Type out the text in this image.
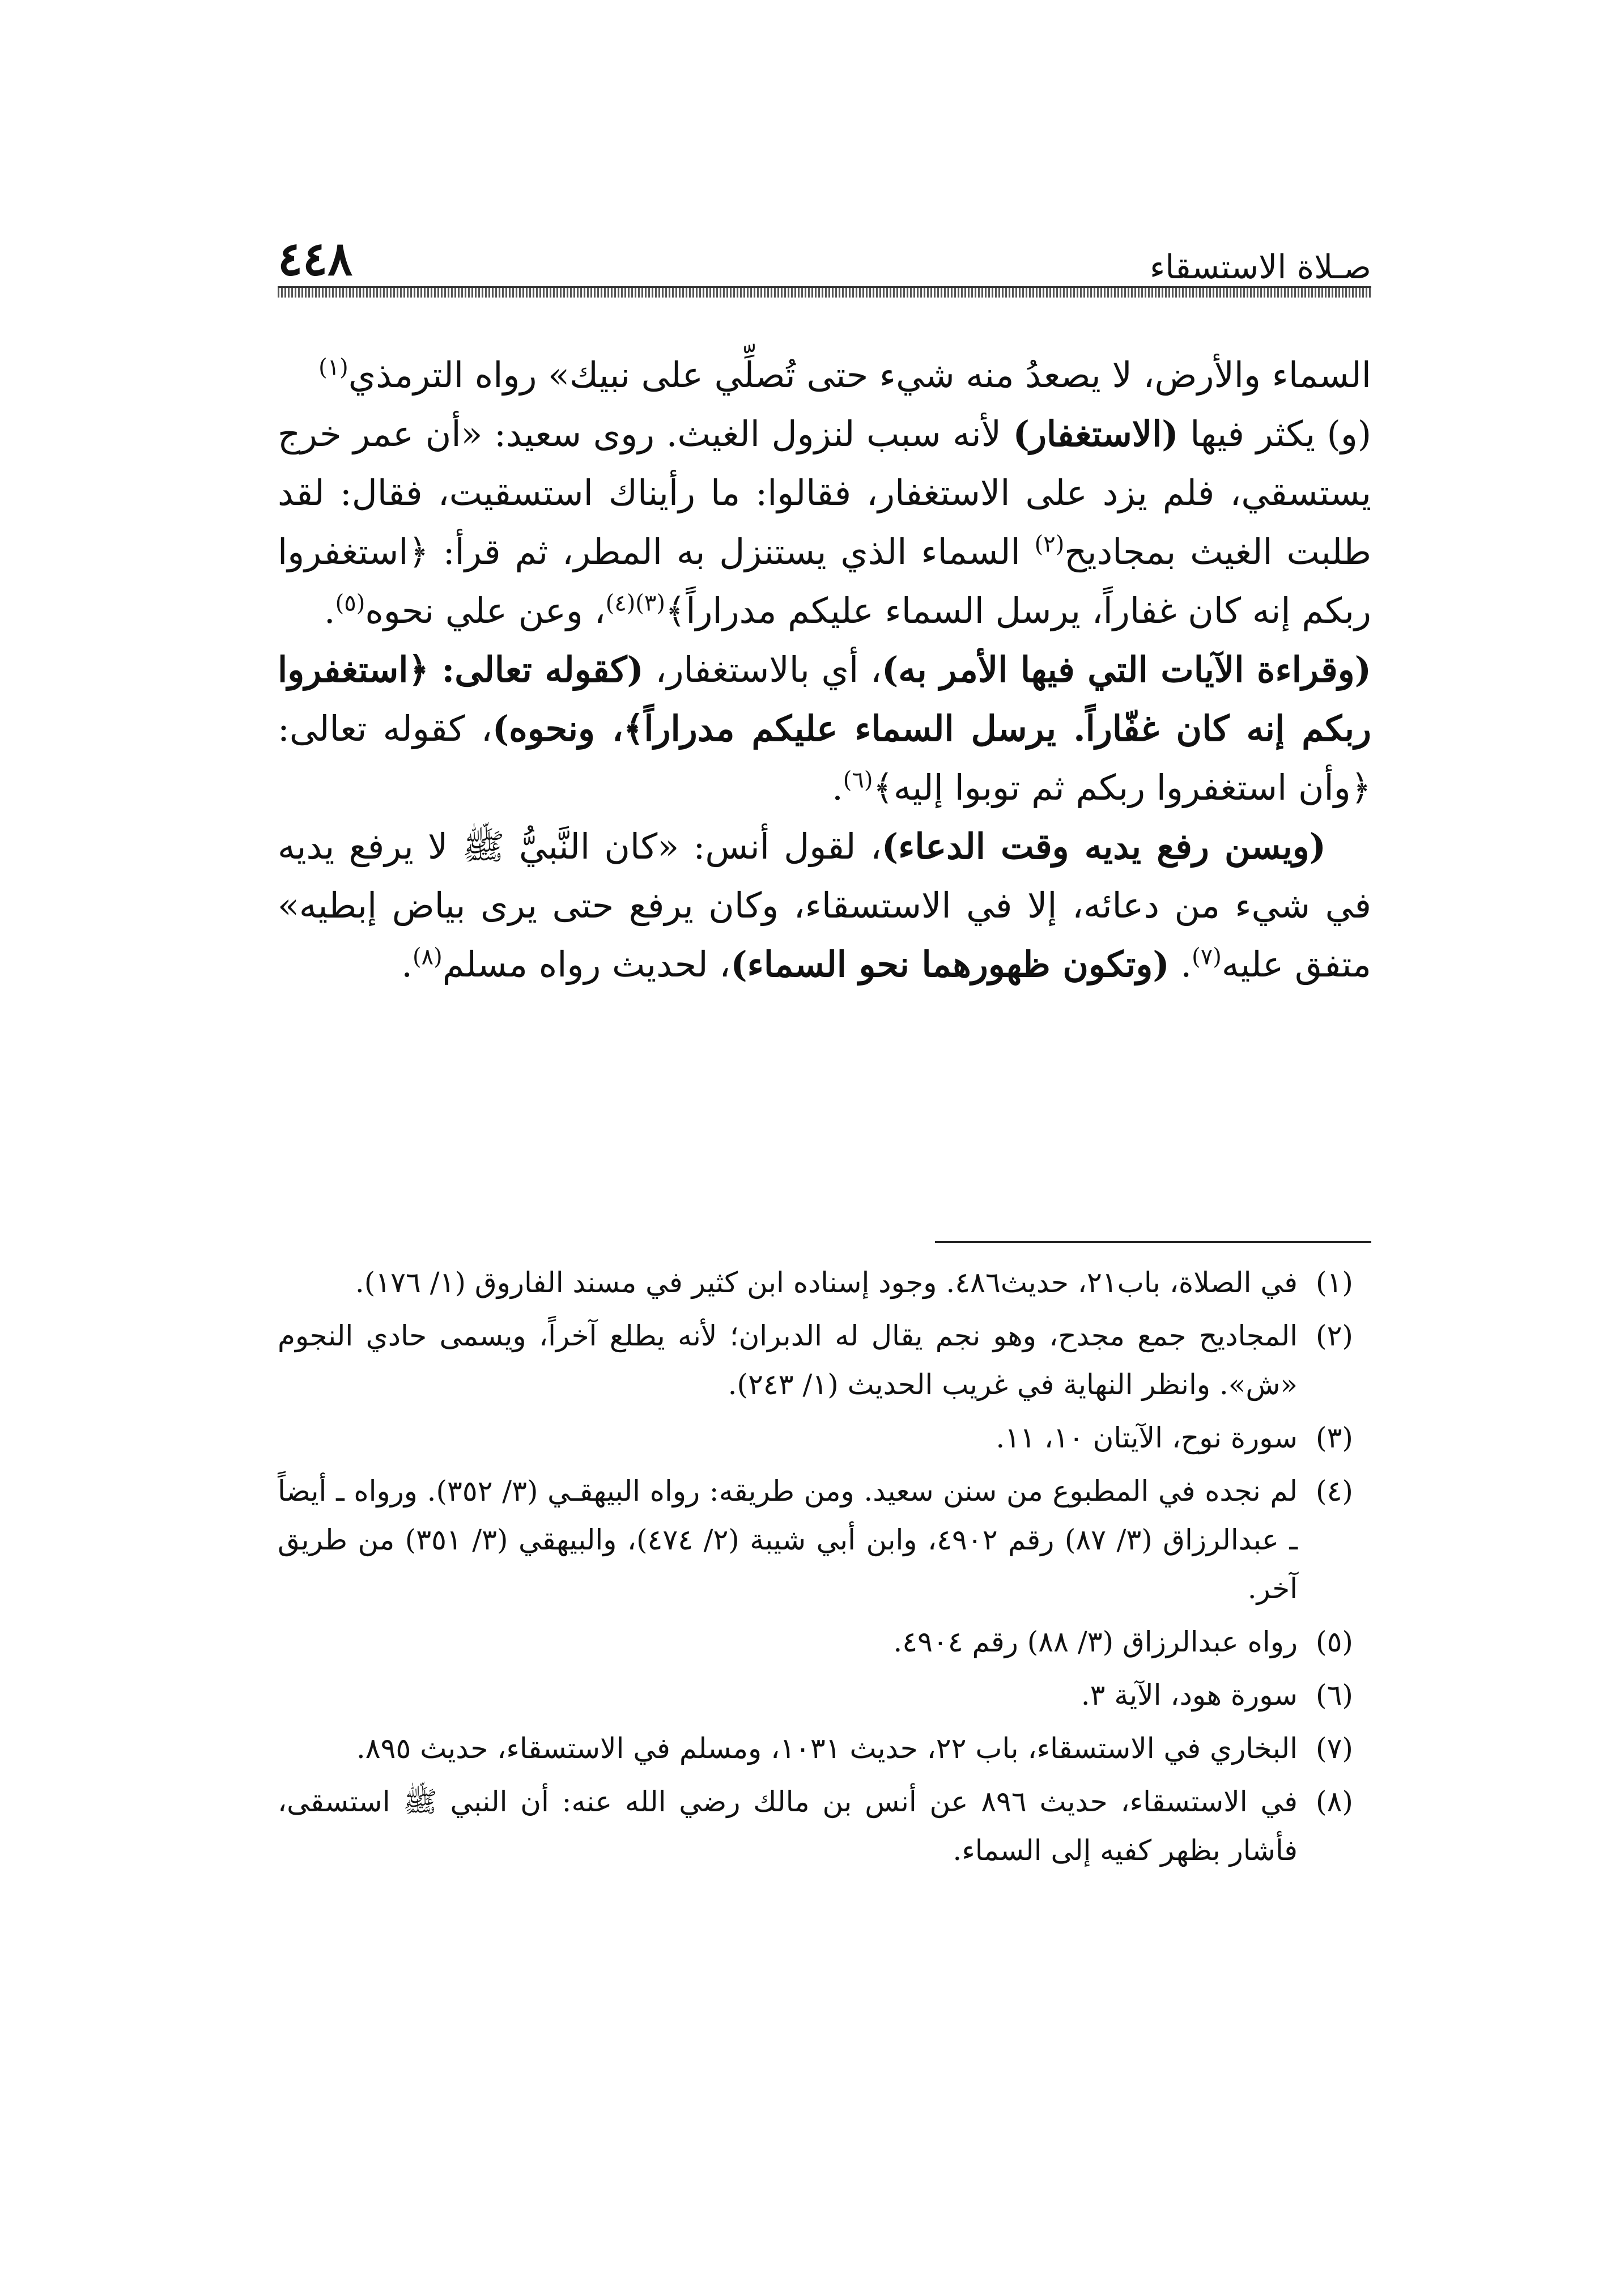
صـلاة الاستسقاء
٤٤٨

السماء والأرض، لا يصعدُ منه شيء حتى تُصلِّي على نبيك» رواه الترمذي$^{(١)}$

(و) يكثر فيها (الاستغفار) لأنه سبب لنزول الغيث. روى سعيد: «أن عمر خرج يستسقي، فلم يزد على الاستغفار، فقالوا: ما رأيناك استسقيت، فقال: لقد طلبت الغيث بمجاديح$^{(٢)}$ السماء الذي يستنزل به المطر، ثم قرأ: ﴿استغفروا ربكم إنه كان غفاراً، يرسل السماء عليكم مدراراً﴾$^{(٣)(٤)}$، وعن علي نحوه$^{(٥)}$.

(وقراءة الآيات التي فيها الأمر به)، أي بالاستغفار، (كقوله تعالى: ﴿استغفروا ربكم إنه كان غفّاراً. يرسل السماء عليكم مدراراً﴾، ونحوه)، كقوله تعالى: ﴿وأن استغفروا ربكم ثم توبوا إليه﴾$^{(٦)}$.

(ويسن رفع يديه وقت الدعاء)، لقول أنس: «كان النَّبيُّ ﷺ لا يرفع يديه في شيء من دعائه، إلا في الاستسقاء، وكان يرفع حتى يرى بياض إبطيه» متفق عليه$^{(٧)}$. (وتكون ظهورهما نحو السماء)، لحديث رواه مسلم$^{(٨)}$.

(١)
في الصلاة، باب٢١، حديث٤٨٦. وجود إسناده ابن كثير في مسند الفاروق (١/ ١٧٦).
(٢)
المجاديح جمع مجدح، وهو نجم يقال له الدبران؛ لأنه يطلع آخراً، ويسمى حادي النجوم «ش». وانظر النهاية في غريب الحديث (١/ ٢٤٣).
(٣)
سورة نوح، الآيتان ١٠، ١١.
(٤)
لم نجده في المطبوع من سنن سعيد. ومن طريقه: رواه البيهقـي (٣/ ٣٥٢). ورواه ـ أيضاً ـ عبدالرزاق (٣/ ٨٧) رقم ٤٩٠٢، وابن أبي شيبة (٢/ ٤٧٤)، والبيهقي (٣/ ٣٥١) من طريق آخر.
(٥)
رواه عبدالرزاق (٣/ ٨٨) رقم ٤٩٠٤.
(٦)
سورة هود، الآية ٣.
(٧)
البخاري في الاستسقاء، باب ٢٢، حديث ١٠٣١، ومسلم في الاستسقاء، حديث ٨٩٥.
(٨)
في الاستسقاء، حديث ٨٩٦ عن أنس بن مالك رضي الله عنه: أن النبي ﷺ استسقى، فأشار بظهر كفيه إلى السماء.
